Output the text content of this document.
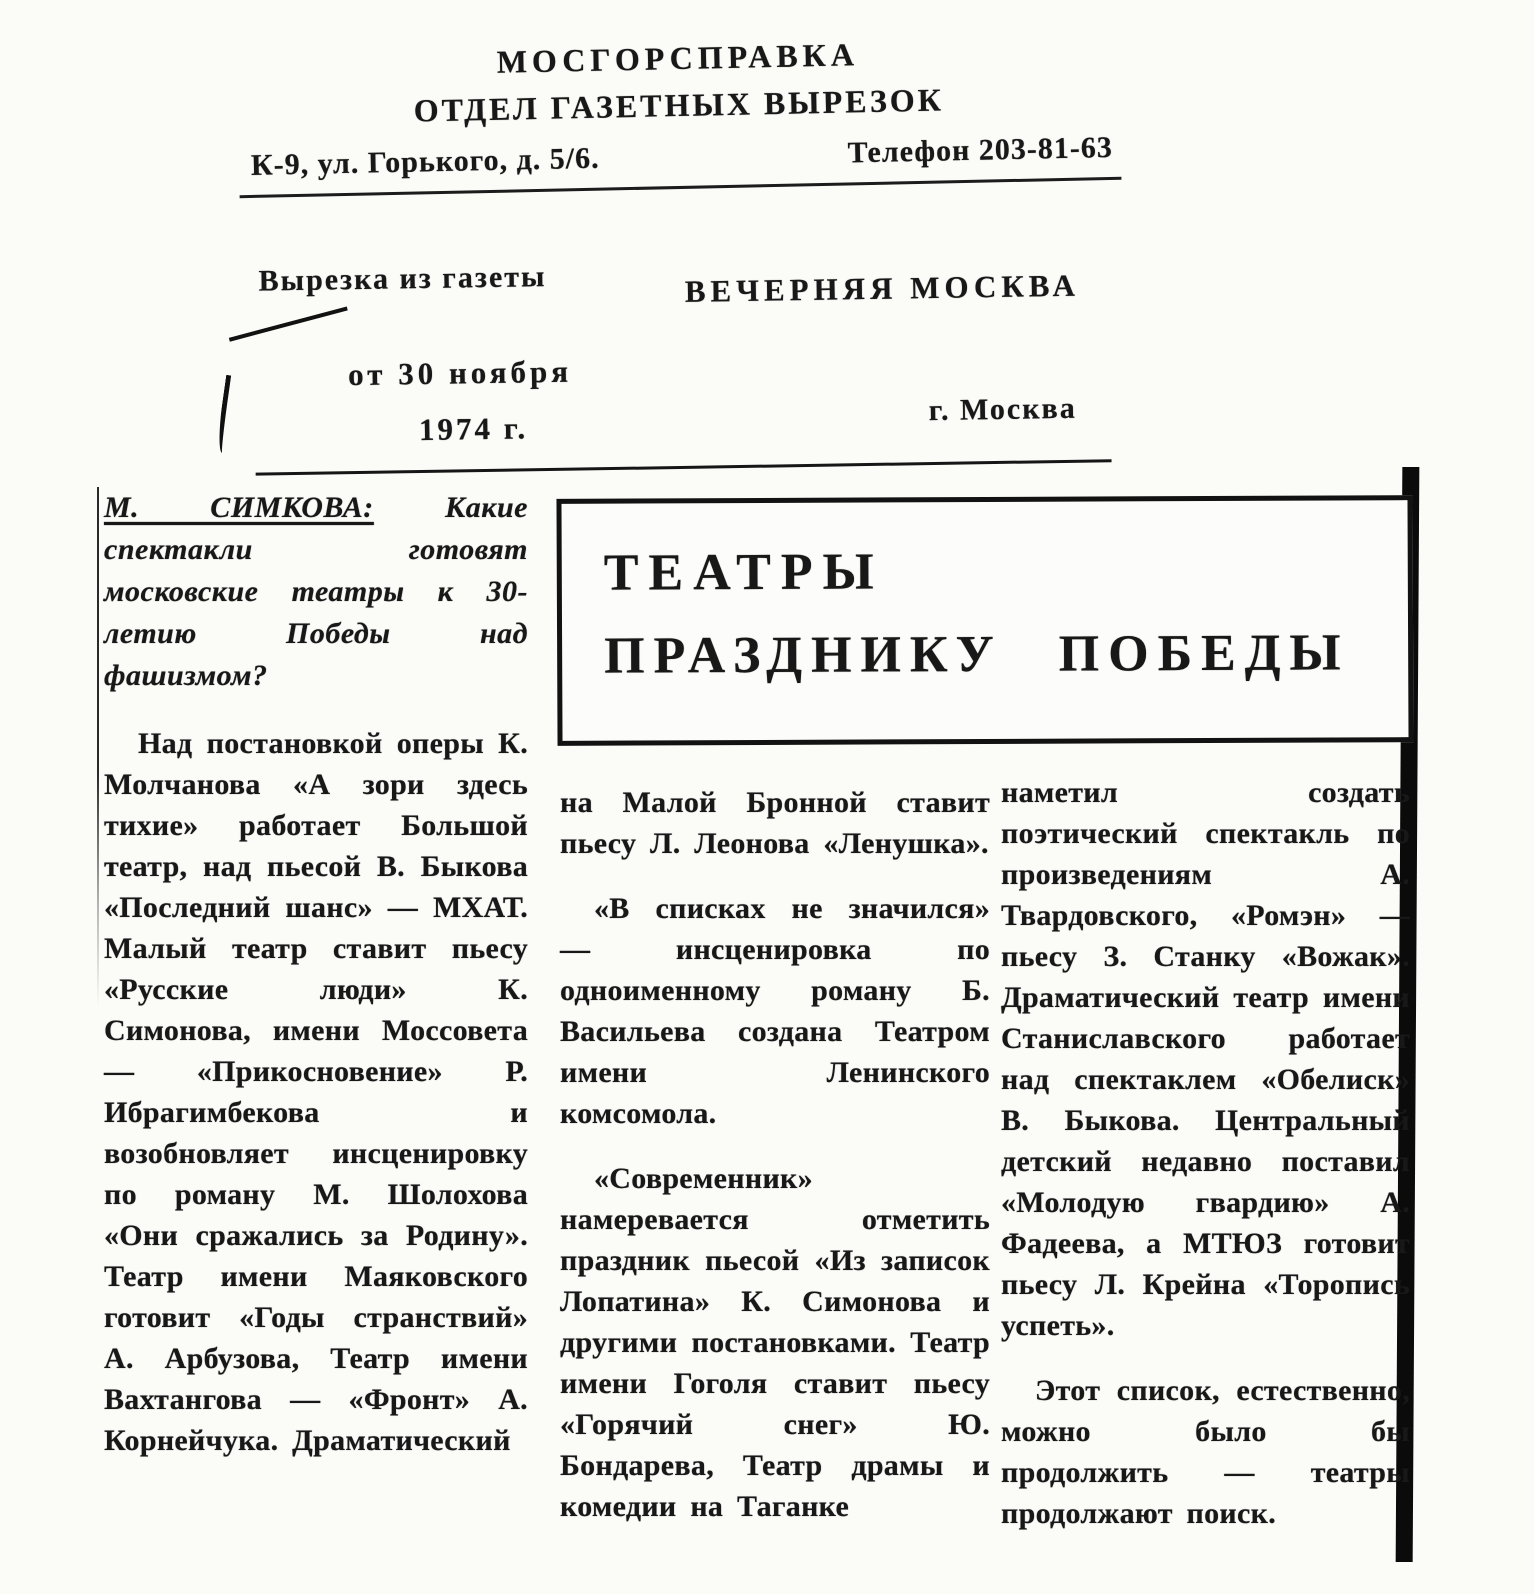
МОСГОРСПРАВКА
ОТДЕЛ ГАЗЕТНЫХ ВЫРЕЗОК
К-9, ул. Горького, д. 5/6.	Телефон 203-81-63
Вырезка из газеты	ВЕЧЕРНЯЯ МОСКВА
от 30 ноября
1974 г.
г. Москва
ТЕАТРЫ
ПРАЗДНИКУ ПОБЕДЫ
М. СИМКОВА: Какие спектакли готовят московские театры к 30-летию Победы над фашизмом?

Над постановкой оперы К. Молчанова «А зори здесь тихие» работает Большой театр, над пьесой В. Быкова «Последний шанс» — МХАТ. Малый театр ставит пьесу «Русские люди» К. Симонова, имени Моссовета — «Прикосновение» Р. Ибрагимбекова и возобновляет инсценировку по роману М. Шолохова «Они сражались за Родину». Театр имени Маяковского готовит «Годы странствий» А. Арбузова, Театр имени Вахтангова — «Фронт» А. Корнейчука. Драматический

на Малой Бронной ставит пьесу Л. Леонова «Ленушка».

«В списках не значился» — инсценировка по одноименному роману Б. Васильева создана Театром имени Ленинского комсомола.

«Современник» намеревается отметить праздник пьесой «Из записок Лопатина» К. Симонова и другими постановками. Театр имени Гоголя ставит пьесу «Горячий снег» Ю. Бондарева, Театр драмы и комедии на Таганке

наметил создать поэтический спектакль по произведениям А. Твардовского, «Ромэн» — пьесу З. Станку «Вожак». Драматический театр имени Станиславского работает над спектаклем «Обелиск» В. Быкова. Центральный детский недавно поставил «Молодую гвардию» А. Фадеева, а МТЮЗ готовит пьесу Л. Крейна «Торопись успеть».

Этот список, естественно, можно было бы продолжить — театры продолжают поиск.
